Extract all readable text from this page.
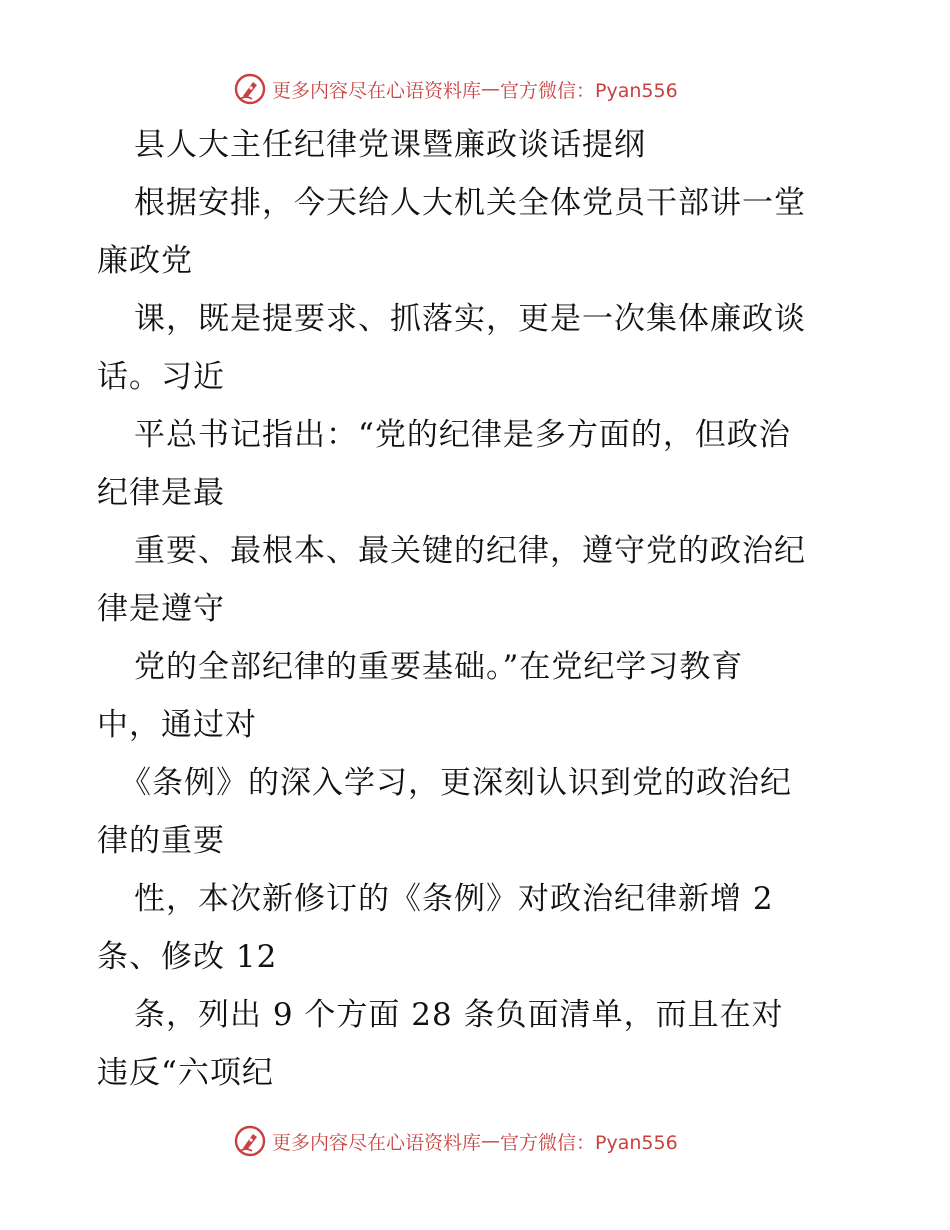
更多内容尽在心语资料库 — 官方微信：Pyan556
县人大主任纪律党课暨廉政谈话提纲
根据安排，今天给人大机关全体党员干部讲一堂
廉政党
课，既是提要求、抓落实，更是一次集体廉政谈
话。习近
平总书记指出：“党的纪律是多方面的，但政治
纪律是最
重要、最根本、最关键的纪律，遵守党的政治纪
律是遵守
党的全部纪律的重要基础。”在党纪学习教育
中，通过对
《条例》的深入学习，更深刻认识到党的政治纪
律的重要
性，本次新修订的《条例》对政治纪律新增 2
条、修改 12
条，列出 9 个方面 28 条负面清单，而且在对
违反“六项纪
更多内容尽在心语资料库 — 官方微信：Pyan556
